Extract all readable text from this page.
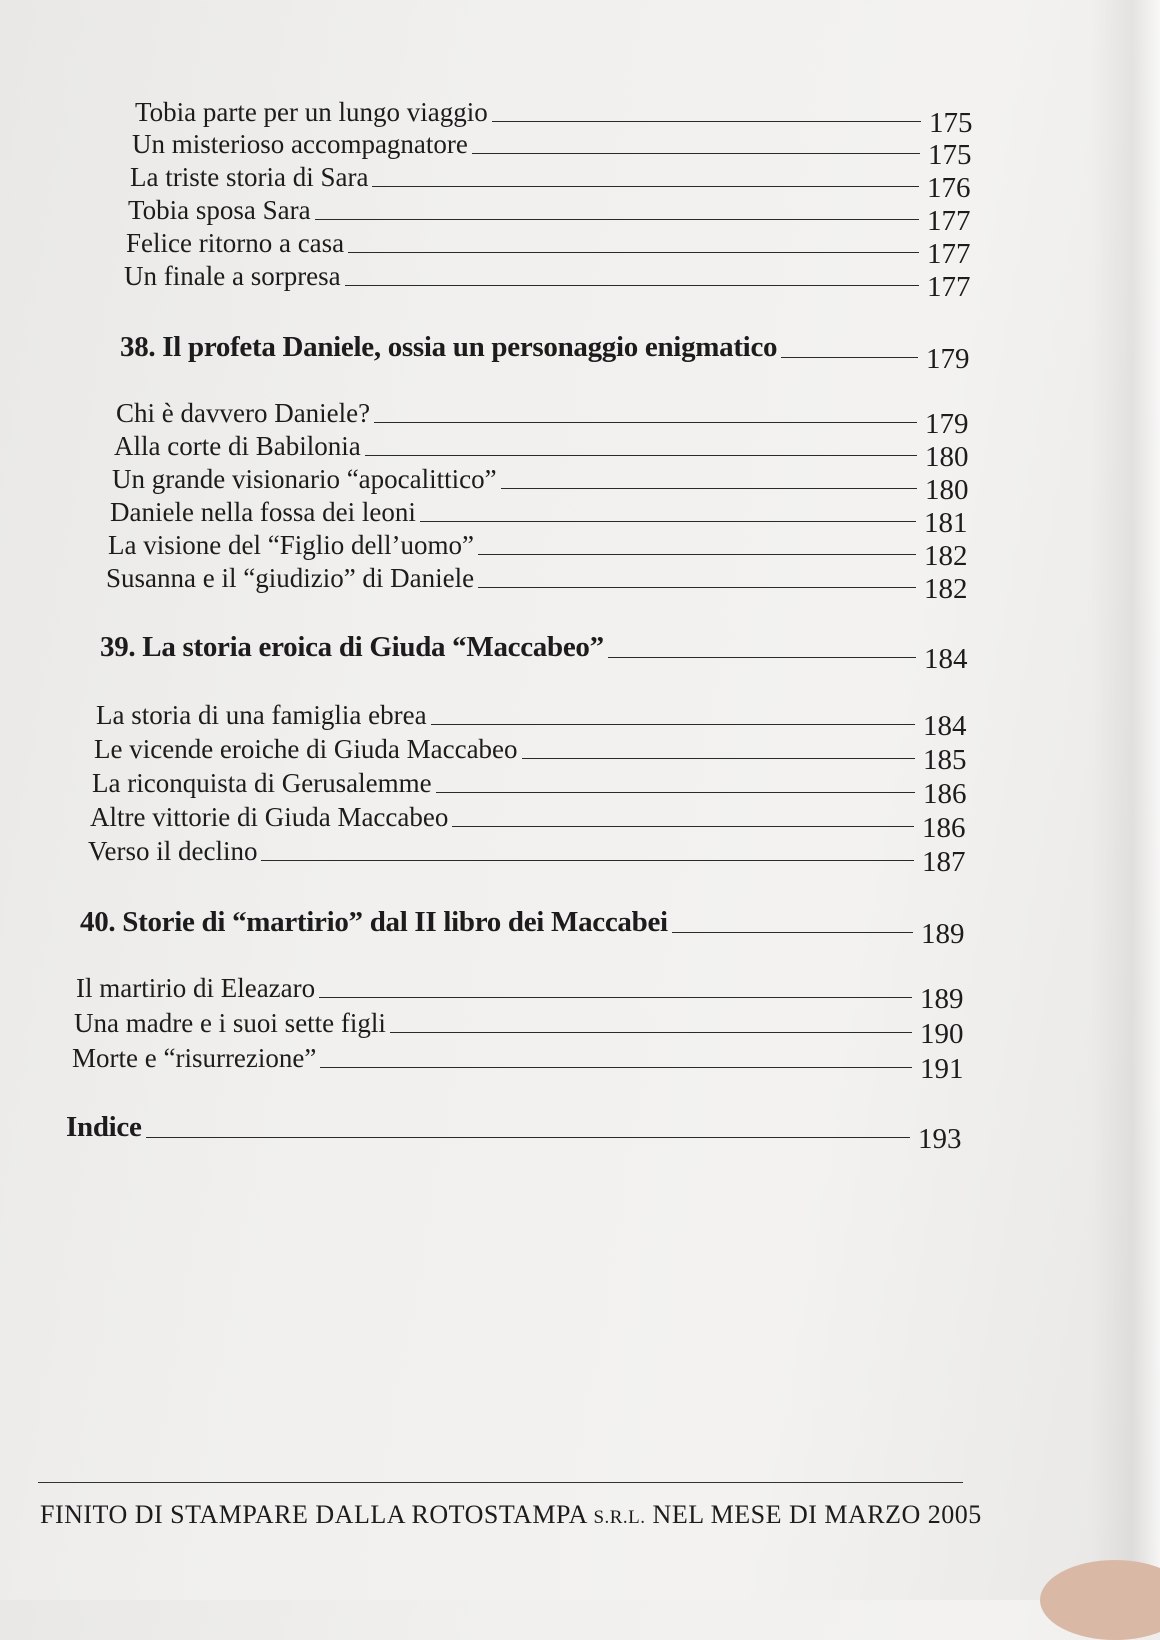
Tobia parte per un lungo viaggio	175
Un misterioso accompagnatore	175
La triste storia di Sara	176
Tobia sposa Sara	177
Felice ritorno a casa	177
Un finale a sorpresa	177
38. Il profeta Daniele, ossia un personaggio enigmatico	179
Chi è davvero Daniele?	179
Alla corte di Babilonia	180
Un grande visionario “apocalittico”	180
Daniele nella fossa dei leoni	181
La visione del “Figlio dell’uomo”	182
Susanna e il “giudizio” di Daniele	182
39. La storia eroica di Giuda “Maccabeo”	184
La storia di una famiglia ebrea	184
Le vicende eroiche di Giuda Maccabeo	185
La riconquista di Gerusalemme	186
Altre vittorie di Giuda Maccabeo	186
Verso il declino	187
40. Storie di “martirio” dal II libro dei Maccabei	189
Il martirio di Eleazaro	189
Una madre e i suoi sette figli	190
Morte e “risurrezione”	191
Indice	193
FINITO DI STAMPARE DALLA ROTOSTAMPA S.R.L. NEL MESE DI MARZO 2005
